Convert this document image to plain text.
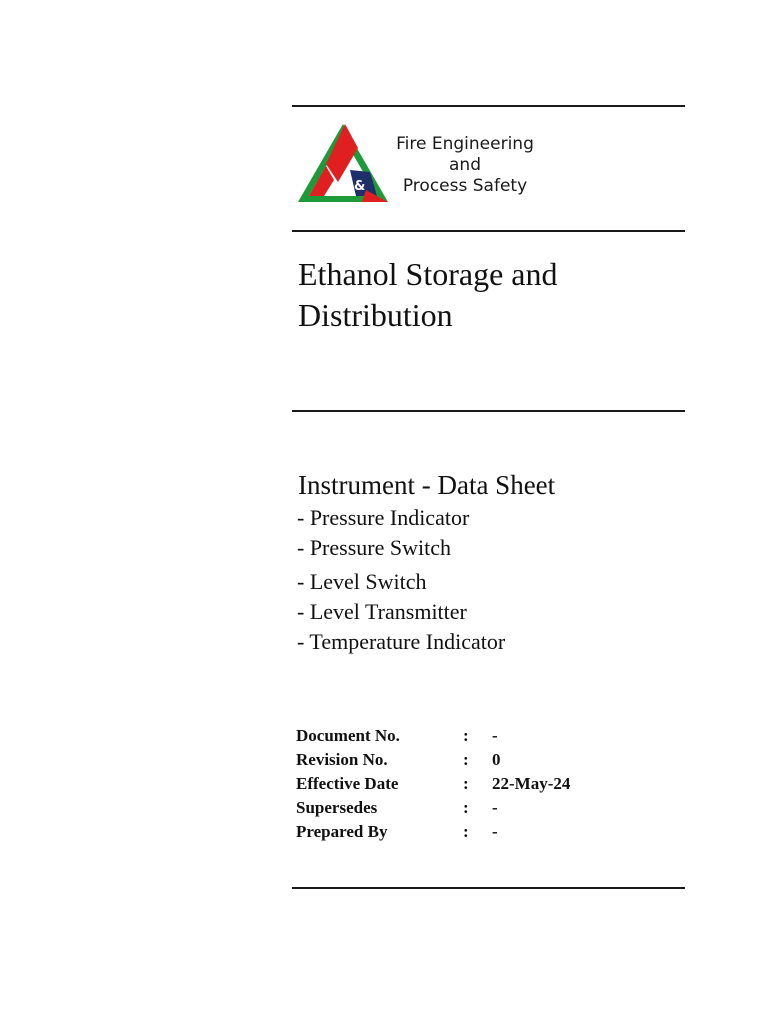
&
Fire Engineering
and
Process Safety
Ethanol Storage and
Distribution
Instrument - Data Sheet
- Pressure Indicator
- Pressure Switch
- Level Switch
- Level Transmitter
- Temperature Indicator
Document No.	: -
Revision No.	: 0
Effective Date	: 22-May-24
Supersedes	: -
Prepared By	: -
